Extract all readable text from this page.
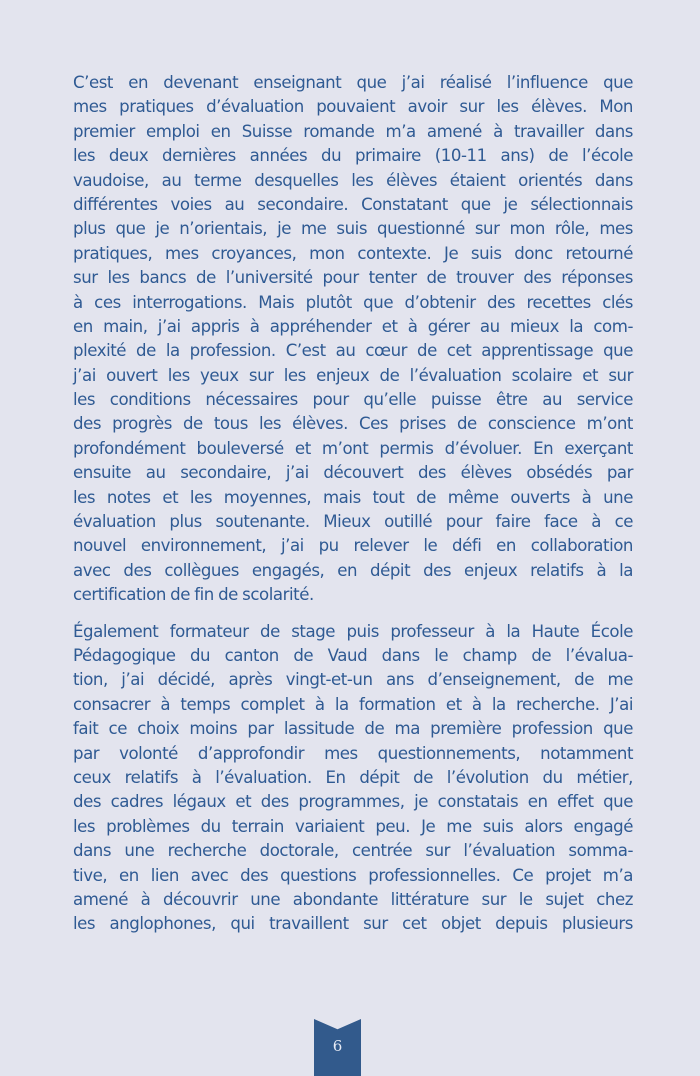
C’est en devenant enseignant que j’ai réalisé l’influence que
mes pratiques d’évaluation pouvaient avoir sur les élèves. Mon
premier emploi en Suisse romande m’a amené à travailler dans
les deux dernières années du primaire (10-11 ans) de l’école
vaudoise, au terme desquelles les élèves étaient orientés dans
différentes voies au secondaire. Constatant que je sélectionnais
plus que je n’orientais, je me suis questionné sur mon rôle, mes
pratiques, mes croyances, mon contexte. Je suis donc retourné
sur les bancs de l’université pour tenter de trouver des réponses
à ces interrogations. Mais plutôt que d’obtenir des recettes clés
en main, j’ai appris à appréhender et à gérer au mieux la com-
plexité de la profession. C’est au cœur de cet apprentissage que
j’ai ouvert les yeux sur les enjeux de l’évaluation scolaire et sur
les conditions nécessaires pour qu’elle puisse être au service
des progrès de tous les élèves. Ces prises de conscience m’ont
profondément bouleversé et m’ont permis d’évoluer. En exerçant
ensuite au secondaire, j’ai découvert des élèves obsédés par
les notes et les moyennes, mais tout de même ouverts à une
évaluation plus soutenante. Mieux outillé pour faire face à ce
nouvel environnement, j’ai pu relever le défi en collaboration
avec des collègues engagés, en dépit des enjeux relatifs à la
certification de fin de scolarité.

Également formateur de stage puis professeur à la Haute École
Pédagogique du canton de Vaud dans le champ de l’évalua-
tion, j’ai décidé, après vingt-et-un ans d’enseignement, de me
consacrer à temps complet à la formation et à la recherche. J’ai
fait ce choix moins par lassitude de ma première profession que
par volonté d’approfondir mes questionnements, notamment
ceux relatifs à l’évaluation. En dépit de l’évolution du métier,
des cadres légaux et des programmes, je constatais en effet que
les problèmes du terrain variaient peu. Je me suis alors engagé
dans une recherche doctorale, centrée sur l’évaluation somma-
tive, en lien avec des questions professionnelles. Ce projet m’a
amené à découvrir une abondante littérature sur le sujet chez
les anglophones, qui travaillent sur cet objet depuis plusieurs

6
